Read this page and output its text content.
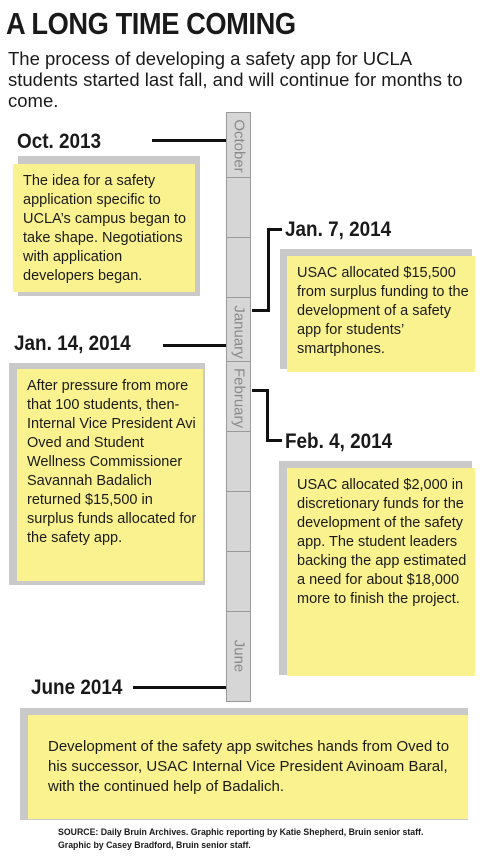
A LONG TIME COMING
The process of developing a safety app for UCLA students started last fall, and will continue for months to come.
October
January
February
June
Oct. 2013
The idea for a safety application specific to UCLA’s campus began to take shape. Negotiations with application developers began.
Jan. 7, 2014
USAC allocated $15,500 from surplus funding to the development of a safety app for students’ smartphones.
Jan. 14, 2014
After pressure from more that 100 students, then-Internal Vice President Avi Oved and Student Wellness Commissioner Savannah Badalich returned $15,500 in surplus funds allocated for the safety app.
Feb. 4, 2014
USAC allocated $2,000 in discretionary funds for the development of the safety app. The student leaders backing the app estimated a need for about $18,000 more to finish the project.
June 2014
Development of the safety app switches hands from Oved to his successor, USAC Internal Vice President Avinoam Baral, with the continued help of Badalich.
SOURCE: Daily Bruin Archives. Graphic reporting by Katie Shepherd, Bruin senior staff. Graphic by Casey Bradford, Bruin senior staff.
